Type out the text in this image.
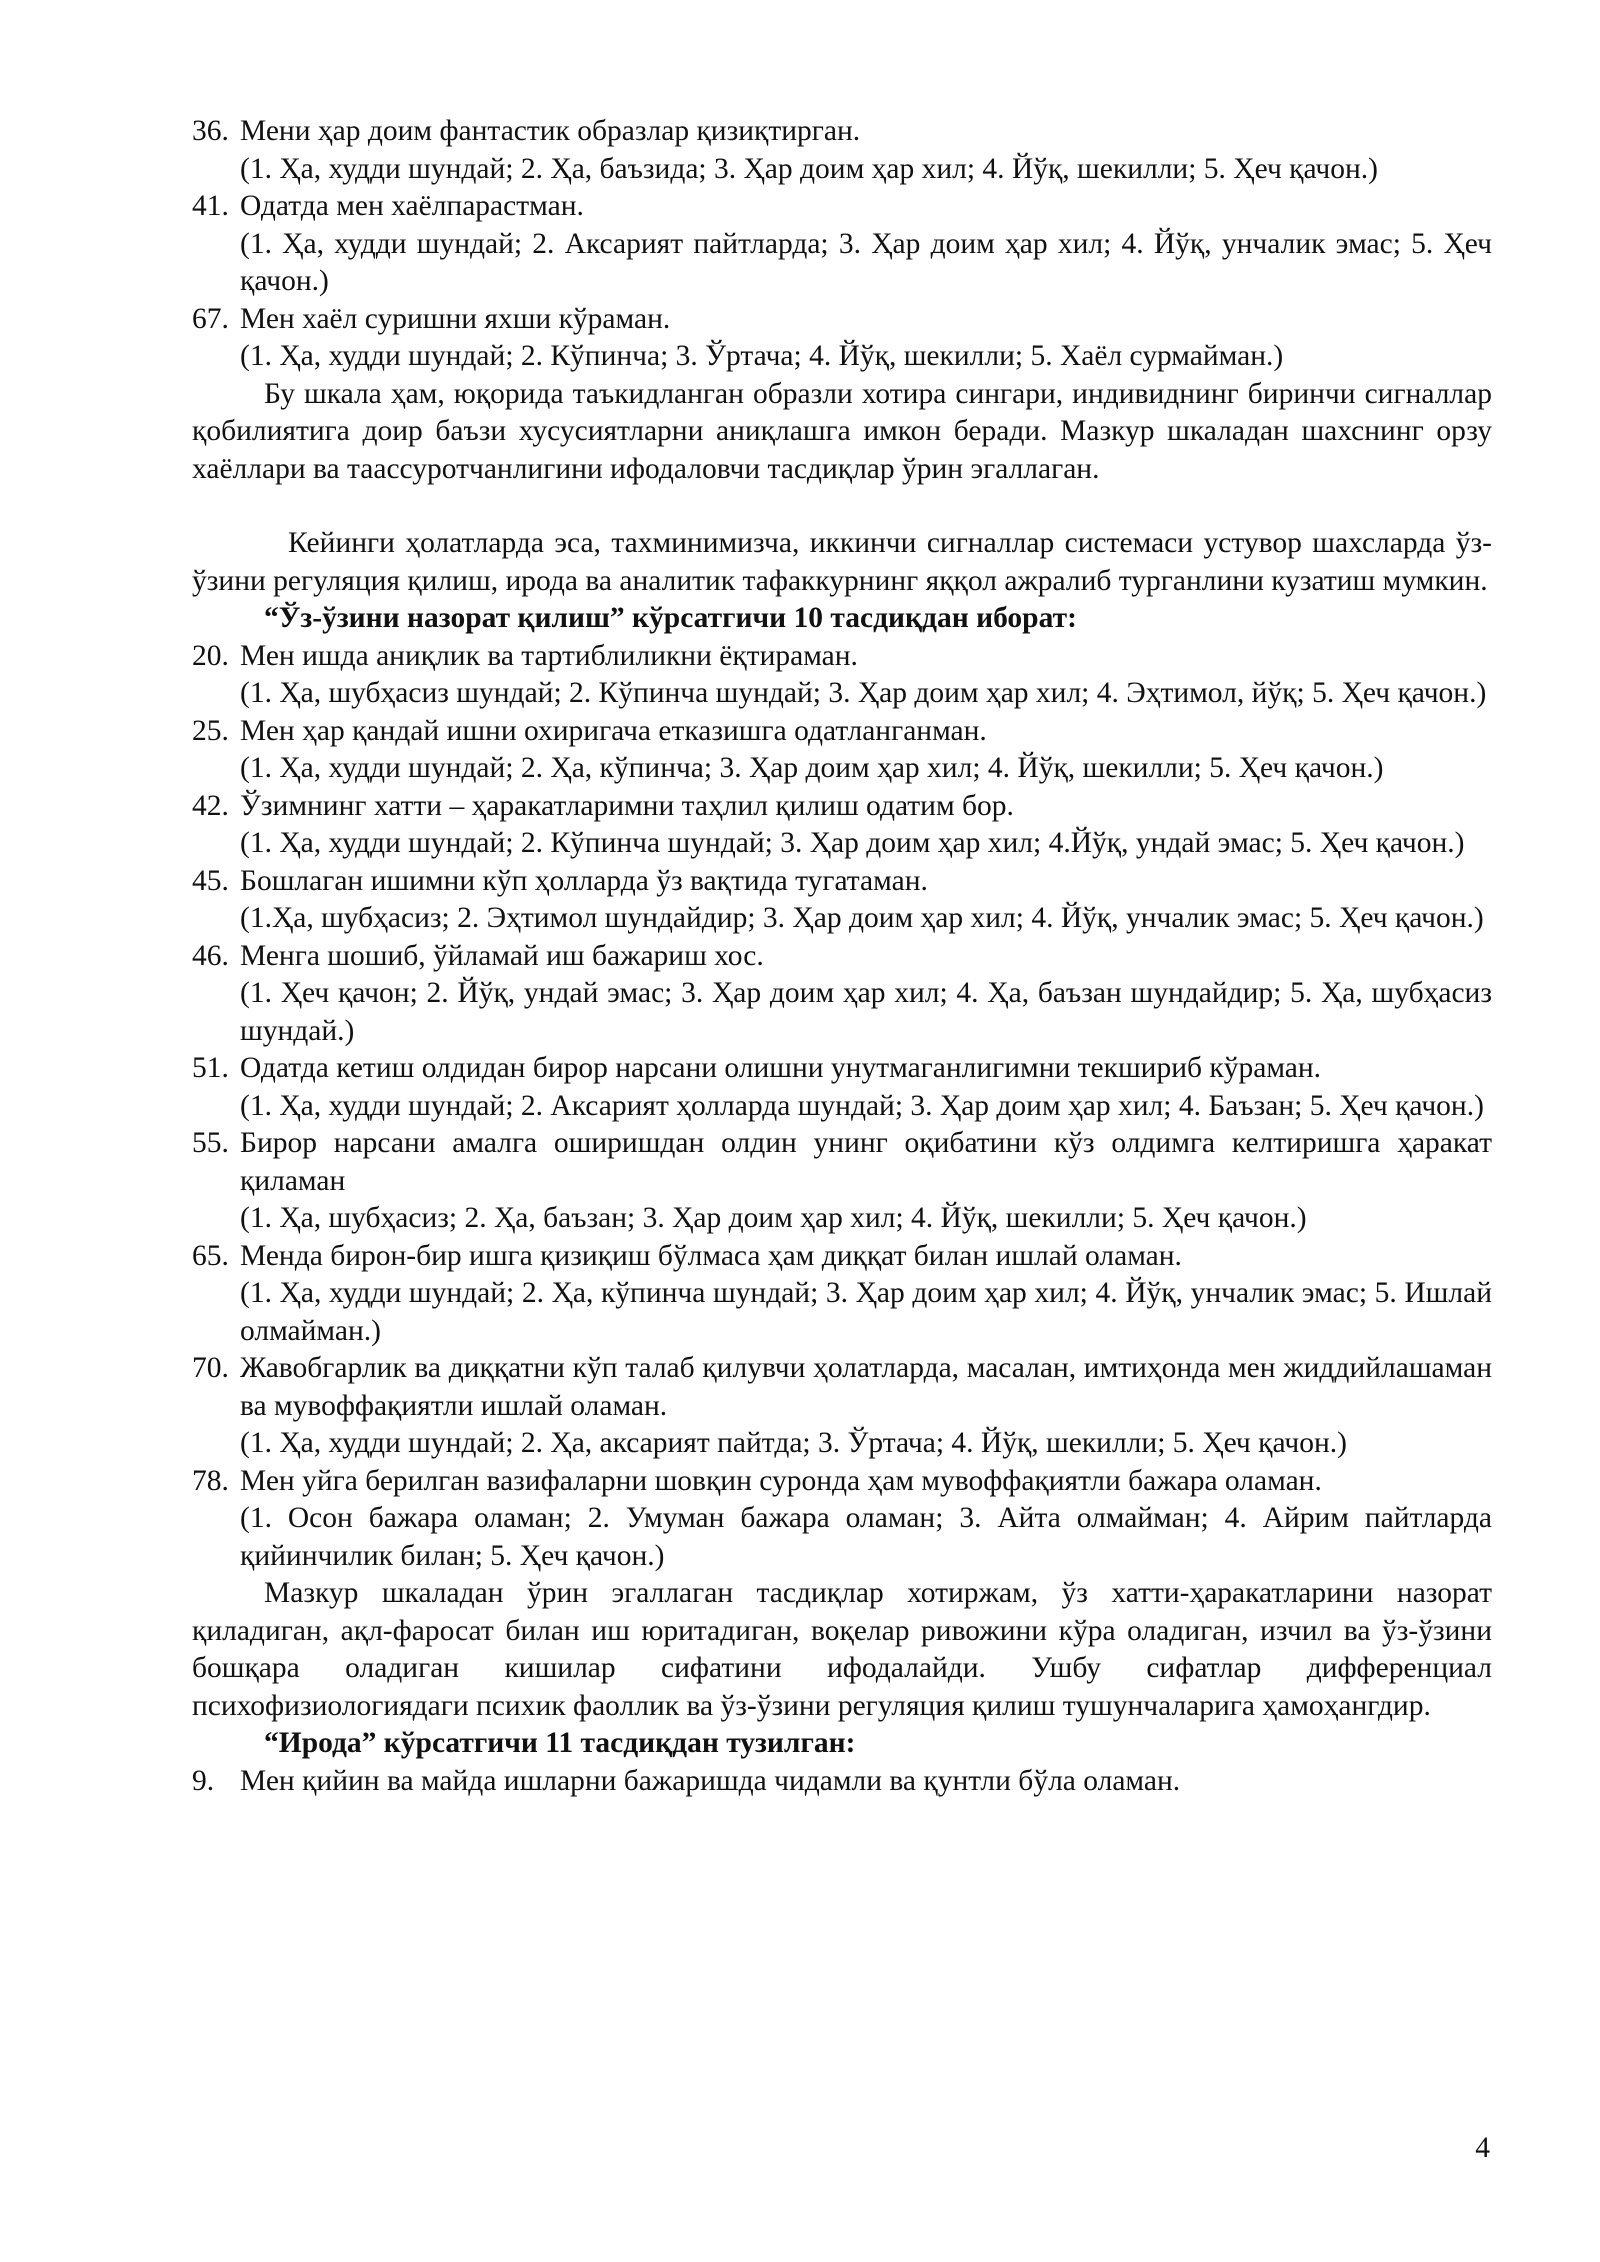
36. Мени ҳар доим фантастик образлар қизиқтирган.
(1. Ҳа, худди шундай; 2. Ҳа, баъзида; 3. Ҳар доим ҳар хил; 4. Йўқ, шекилли; 5. Ҳеч қачон.)
41. Одатда мен хаёлпарастман.
(1. Ҳа, худди шундай; 2. Аксарият пайтларда; 3. Ҳар доим ҳар хил; 4. Йўқ, унчалик эмас; 5. Ҳеч қачон.)
67. Мен хаёл суришни яхши кўраман.
(1. Ҳа, худди шундай; 2. Кўпинча; 3. Ўртача; 4. Йўқ, шекилли; 5. Хаёл сурмайман.)
Бу шкала ҳам, юқорида таъкидланган образли хотира сингари, индивиднинг биринчи сигналлар қобилиятига доир баъзи хусусиятларни аниқлашга имкон беради. Мазкур шкаладан шахснинг орзу хаёллари ва таассуротчанлигини ифодаловчи тасдиқлар ўрин эгаллаган.
Кейинги ҳолатларда эса, тахминимизча, иккинчи сигналлар системаси устувор шахсларда ўз-ўзини регуляция қилиш, ирода ва аналитик тафаккурнинг яққол ажралиб турганлини кузатиш мумкин.
“Ўз-ўзини назорат қилиш” кўрсатгичи 10 тасдиқдан иборат:
20. Мен ишда аниқлик ва тартиблиликни ёқтираман.
(1. Ҳа, шубҳасиз шундай; 2. Кўпинча шундай; 3. Ҳар доим ҳар хил; 4. Эҳтимол, йўқ; 5. Ҳеч қачон.)
25. Мен ҳар қандай ишни охиригача етказишга одатланганман.
(1. Ҳа, худди шундай; 2. Ҳа, кўпинча; 3. Ҳар доим ҳар хил; 4. Йўқ, шекилли; 5. Ҳеч қачон.)
42. Ўзимнинг хатти – ҳаракатларимни таҳлил қилиш одатим бор.
(1. Ҳа, худди шундай; 2. Кўпинча шундай; 3. Ҳар доим ҳар хил; 4.Йўқ, ундай эмас; 5. Ҳеч қачон.)
45. Бошлаган ишимни кўп ҳолларда ўз вақтида тугатаман.
(1.Ҳа, шубҳасиз; 2. Эҳтимол шундайдир; 3. Ҳар доим ҳар хил; 4. Йўқ, унчалик эмас; 5. Ҳеч қачон.)
46. Менга шошиб, ўйламай иш бажариш хос.
(1. Ҳеч қачон; 2. Йўқ, ундай эмас; 3. Ҳар доим ҳар хил; 4. Ҳа, баъзан шундайдир; 5. Ҳа, шубҳасиз шундай.)
51. Одатда кетиш олдидан бирор нарсани олишни унутмаганлигимни текшириб кўраман.
(1. Ҳа, худди шундай; 2. Аксарият ҳолларда шундай; 3. Ҳар доим ҳар хил; 4. Баъзан; 5. Ҳеч қачон.)
55. Бирор нарсани амалга оширишдан олдин унинг оқибатини кўз олдимга келтиришга ҳаракат қиламан
(1. Ҳа, шубҳасиз; 2. Ҳа, баъзан; 3. Ҳар доим ҳар хил; 4. Йўқ, шекилли; 5. Ҳеч қачон.)
65. Менда бирон-бир ишга қизиқиш бўлмаса ҳам диққат билан ишлай оламан.
(1. Ҳа, худди шундай; 2. Ҳа, кўпинча шундай; 3. Ҳар доим ҳар хил; 4. Йўқ, унчалик эмас; 5. Ишлай олмайман.)
70. Жавобгарлик ва диққатни кўп талаб қилувчи ҳолатларда, масалан, имтиҳонда мен жиддийлашаман ва мувоффақиятли ишлай оламан.
(1. Ҳа, худди шундай; 2. Ҳа, аксарият пайтда; 3. Ўртача; 4. Йўқ, шекилли; 5. Ҳеч қачон.)
78. Мен уйга берилган вазифаларни шовқин суронда ҳам мувоффақиятли бажара оламан.
(1. Осон бажара оламан; 2. Умуман бажара оламан; 3. Айта олмайман; 4. Айрим пайтларда қийинчилик билан; 5. Ҳеч қачон.)
Мазкур шкаладан ўрин эгаллаган тасдиқлар хотиржам, ўз хатти-ҳаракатларини назорат қиладиган, ақл-фаросат билан иш юритадиган, воқелар ривожини кўра оладиган, изчил ва ўз-ўзини бошқара оладиган кишилар сифатини ифодалайди. Ушбу сифатлар дифференциал психофизиологиядаги психик фаоллик ва ўз-ўзини регуляция қилиш тушунчаларига ҳамоҳангдир.
“Ирода” кўрсатгичи 11 тасдиқдан тузилган:
9. Мен қийин ва майда ишларни бажаришда чидамли ва қунтли бўла оламан.
4
